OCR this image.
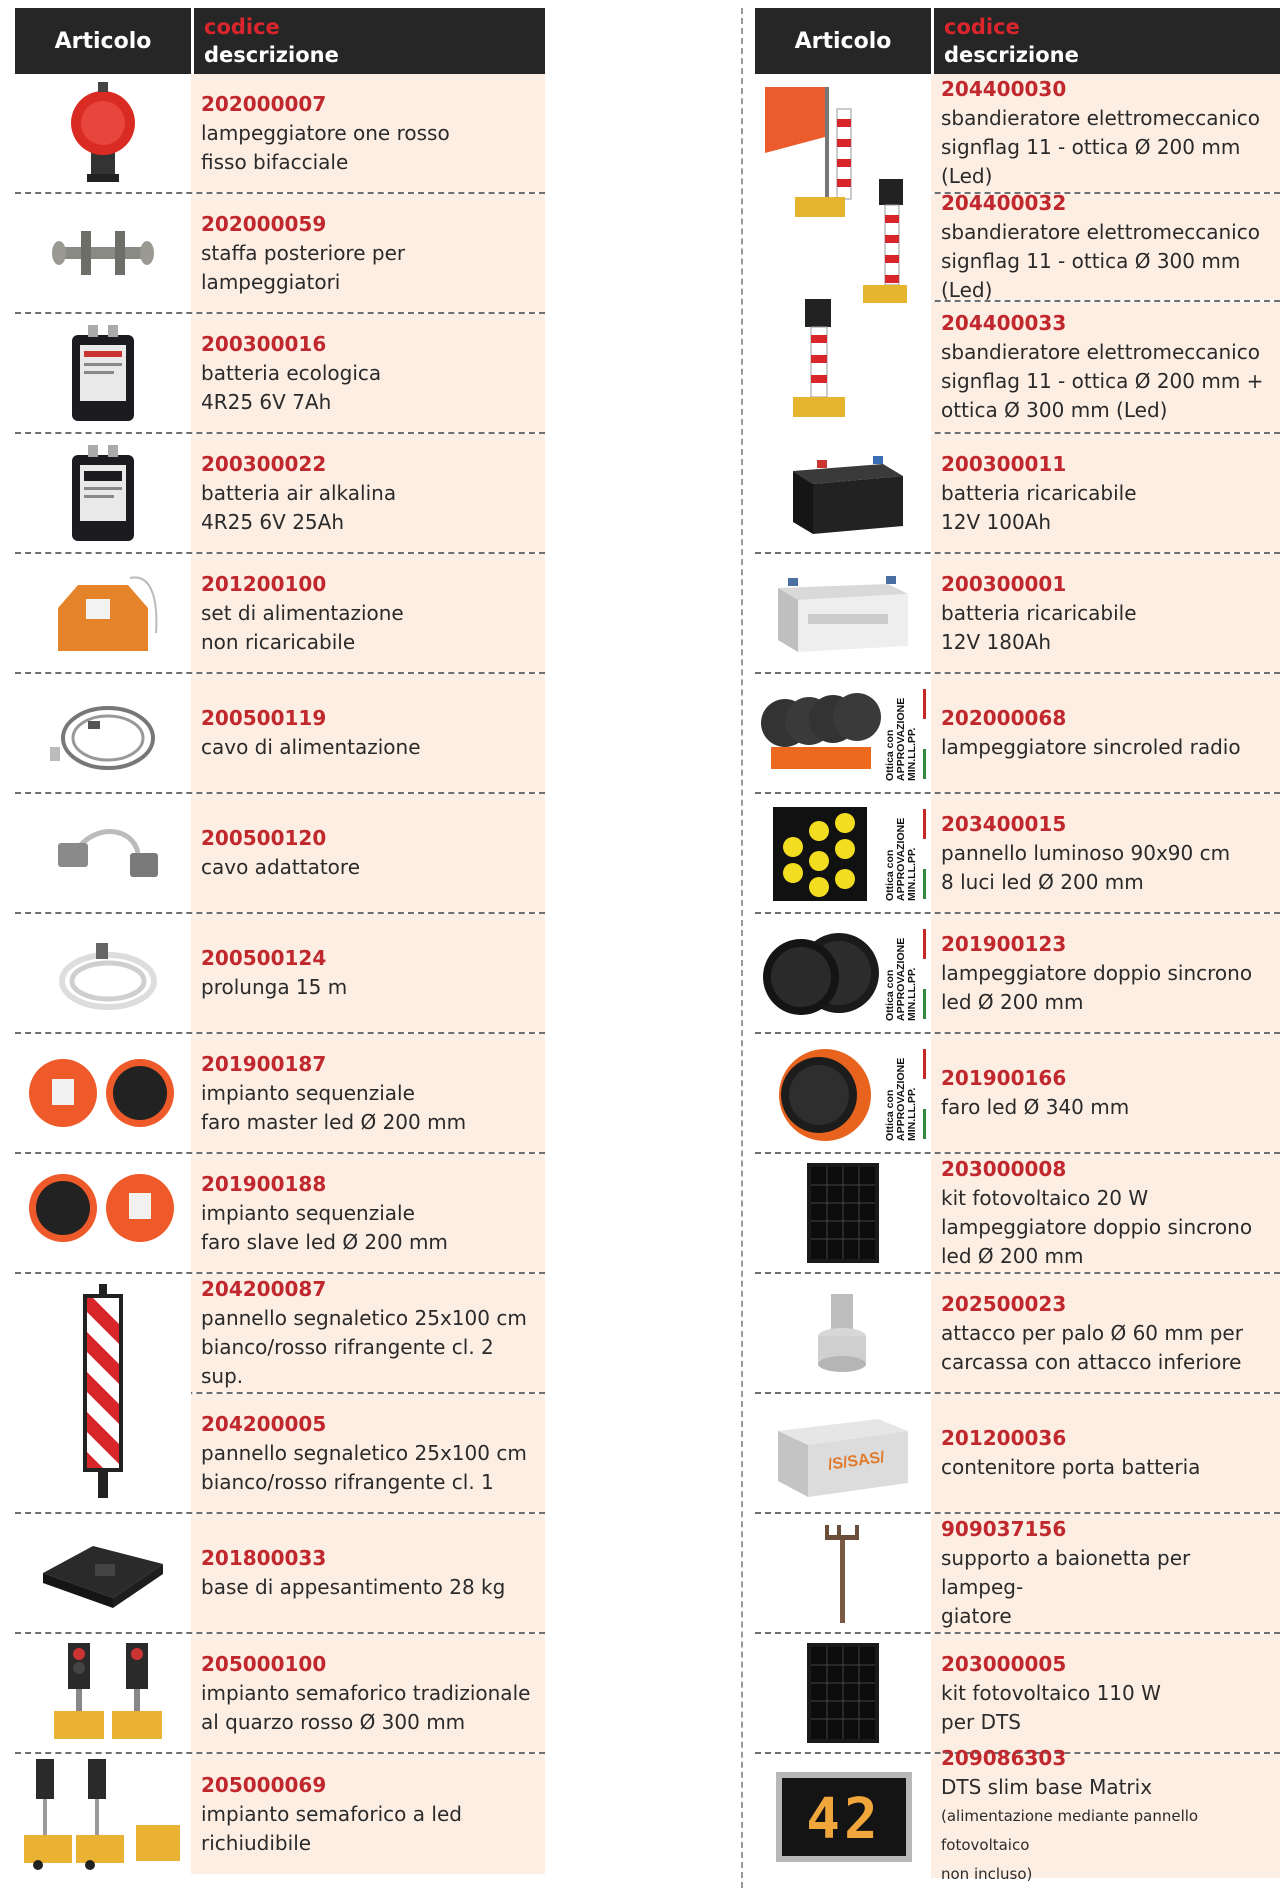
Articolo
codice
descrizione
202000007
lampeggiatore one rosso
fisso bifacciale
202000059
staffa posteriore per lampeggiatori
200300016
batteria ecologica
4R25 6V 7Ah
200300022
batteria air alkalina
4R25 6V 25Ah
201200100
set di alimentazione
non ricaricabile
200500119
cavo di alimentazione
200500120
cavo adattatore
200500124
prolunga 15 m
201900187
impianto sequenziale
faro master led Ø 200 mm
201900188
impianto sequenziale
faro slave led Ø 200 mm
204200087
pannello segnaletico 25x100 cm
bianco/rosso rifrangente cl. 2 sup.
204200005
pannello segnaletico 25x100 cm
bianco/rosso rifrangente cl. 1
201800033
base di appesantimento 28 kg
205000100
impianto semaforico tradizionale
al quarzo rosso Ø 300 mm
205000069
impianto semaforico a led
richiudibile
Articolo
codice
descrizione
204400030
sbandieratore elettromeccanico
signflag 11 - ottica Ø 200 mm (Led)
204400032
sbandieratore elettromeccanico
signflag 11 - ottica Ø 300 mm (Led)
204400033
sbandieratore elettromeccanico
signflag 11 - ottica Ø 200 mm +
ottica Ø 300 mm (Led)
200300011
batteria ricaricabile
12V 100Ah
200300001
batteria ricaricabile
12V 180Ah
Ottica conAPPROVAZIONEMIN.LL.PP.
202000068
lampeggiatore sincroled radio
Ottica conAPPROVAZIONEMIN.LL.PP.
203400015
pannello luminoso 90x90 cm
8 luci led Ø 200 mm
Ottica conAPPROVAZIONEMIN.LL.PP.
201900123
lampeggiatore doppio sincrono
led Ø 200 mm
Ottica conAPPROVAZIONEMIN.LL.PP.
201900166
faro led Ø 340 mm
203000008
kit fotovoltaico 20 W
lampeggiatore doppio sincrono
led Ø 200 mm
202500023
attacco per palo Ø 60 mm per
carcassa con attacco inferiore
/S/SAS/
201200036
contenitore porta batteria
909037156
supporto a baionetta per lampeg-
giatore
203000005
kit fotovoltaico 110 W
per DTS
42
209086303
DTS slim base Matrix
(alimentazione mediante pannello fotovoltaico
non incluso)
